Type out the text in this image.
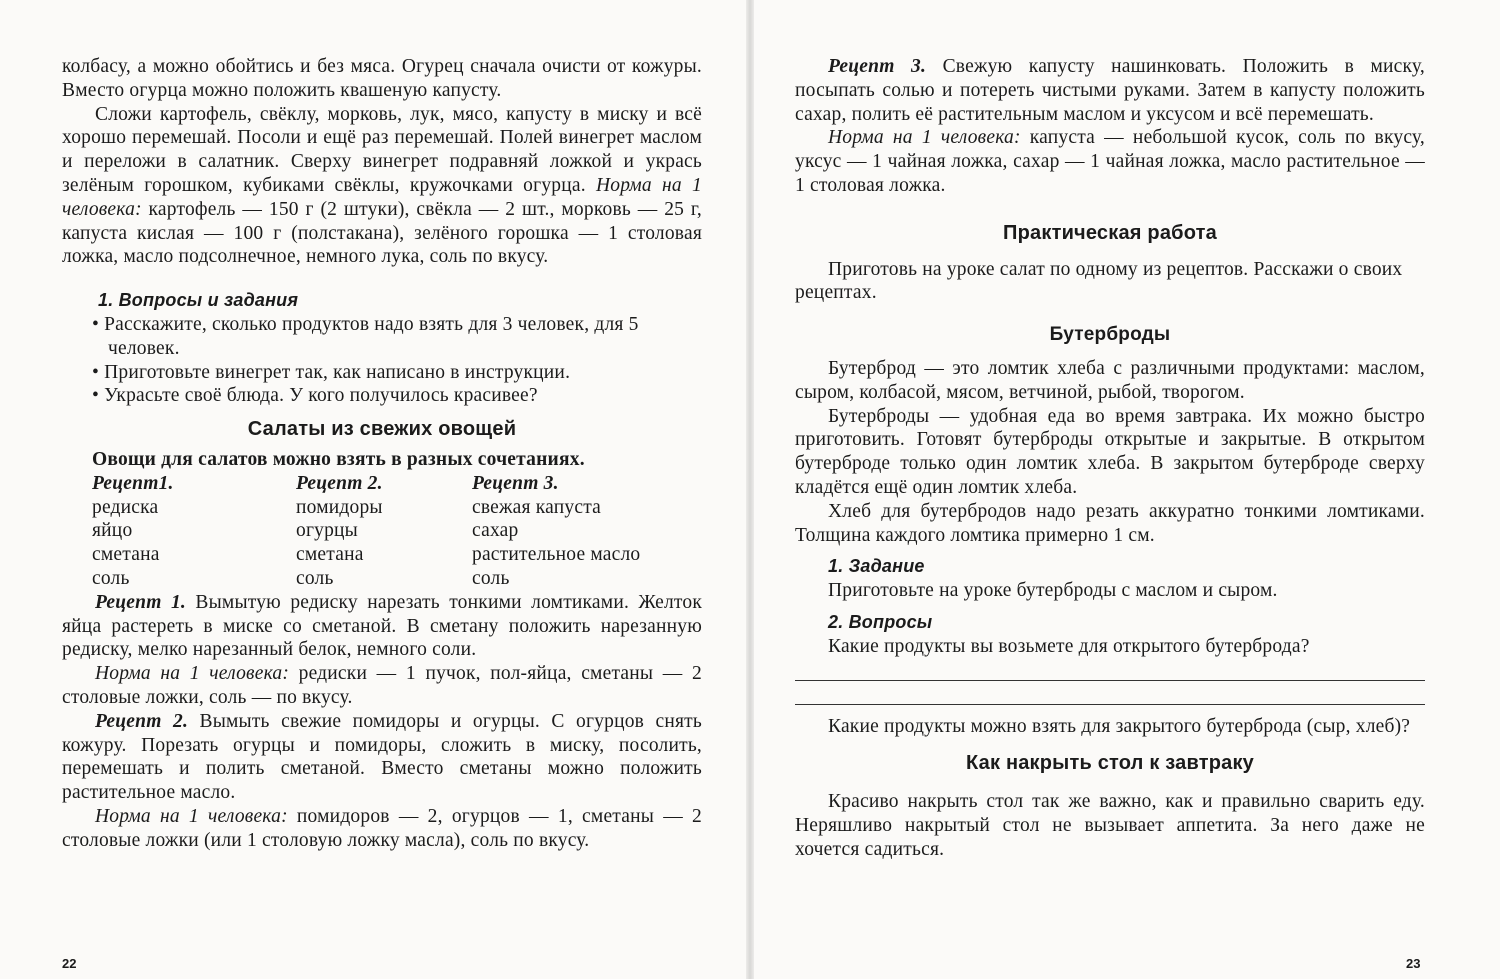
колбасу, а можно обойтись и без мяса. Огурец сначала очисти от кожуры. Вместо огурца можно положить квашеную капусту.

Сложи картофель, свёклу, морковь, лук, мясо, капусту в миску и всё хорошо перемешай. Посоли и ещё раз перемешай. Полей винегрет маслом и переложи в салатник. Сверху винегрет подравняй ложкой и укрась зелёным горошком, кубиками свёклы, кружочками огурца. Норма на 1 человека: картофель — 150 г (2 штуки), свёкла — 2 шт., морковь — 25 г, капуста кислая — 100 г (полстакана), зелёного горошка — 1 столовая ложка, масло подсолнечное, немного лука, соль по вкусу.

1. Вопросы и задания
• Расскажите, сколько продуктов надо взять для 3 человек, для 5 человек.
• Приготовьте винегрет так, как написано в инструкции.
• Украсьте своё блюда. У кого получилось красивее?
Салаты из свежих овощей

Овощи для салатов можно взять в разных сочетаниях.

Рецепт1.	Рецепт 2.	Рецепт 3.
редиска	помидоры	свежая капуста
яйцо	огурцы	сахар
сметана	сметана	растительное масло
соль	соль	соль

Рецепт 1. Вымытую редиску нарезать тонкими ломтиками. Желток яйца растереть в миске со сметаной. В сметану положить нарезанную редиску, мелко нарезанный белок, немного соли.

Норма на 1 человека: редиски — 1 пучок, пол-яйца, сметаны — 2 столовые ложки, соль — по вкусу.

Рецепт 2. Вымыть свежие помидоры и огурцы. С огурцов снять кожуру. Порезать огурцы и помидоры, сложить в миску, посолить, перемешать и полить сметаной. Вместо сметаны можно положить растительное масло.

Норма на 1 человека: помидоров — 2, огурцов — 1, сметаны — 2 столовые ложки (или 1 столовую ложку масла), соль по вкусу.

22

Рецепт 3. Свежую капусту нашинковать. Положить в миску, посыпать солью и потереть чистыми руками. Затем в капусту положить сахар, полить её растительным маслом и уксусом и всё перемешать.

Норма на 1 человека: капуста — небольшой кусок, соль по вкусу, уксус — 1 чайная ложка, сахар — 1 чайная ложка, масло растительное — 1 столовая ложка.

Практическая работа

Приготовь на уроке салат по одному из рецептов. Расскажи о своих рецептах.

Бутерброды

Бутерброд — это ломтик хлеба с различными продуктами: маслом, сыром, колбасой, мясом, ветчиной, рыбой, творогом.

Бутерброды — удобная еда во время завтрака. Их можно быстро приготовить. Готовят бутерброды открытые и закрытые. В открытом бутерброде только один ломтик хлеба. В закрытом бутерброде сверху кладётся ещё один ломтик хлеба.

Хлеб для бутербродов надо резать аккуратно тонкими ломтиками. Толщина каждого ломтика примерно 1 см.

1. Задание

Приготовьте на уроке бутерброды с маслом и сыром.

2. Вопросы

Какие продукты вы возьмете для открытого бутерброда?

Какие продукты можно взять для закрытого бутерброда (сыр, хлеб)?

Как накрыть стол к завтраку

Красиво накрыть стол так же важно, как и правильно сварить еду. Неряшливо накрытый стол не вызывает аппетита. За него даже не хочется садиться.

23
